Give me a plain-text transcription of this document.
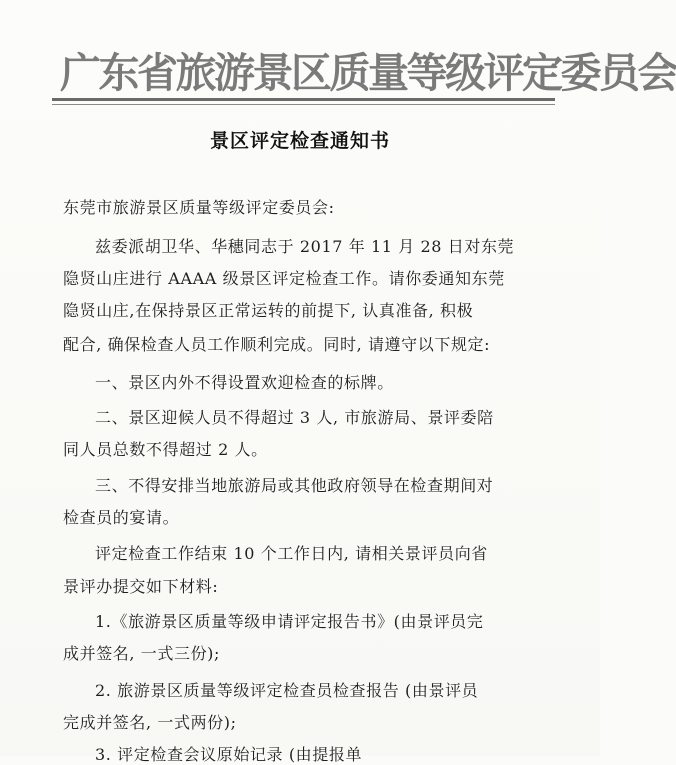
广东省旅游景区质量等级评定委员会
景区评定检查通知书
东莞市旅游景区质量等级评定委员会:
兹委派胡卫华、华穗同志于 2017 年 11 月 28 日对东莞
隐贤山庄进行 AAAA 级景区评定检查工作。请你委通知东莞
隐贤山庄,在保持景区正常运转的前提下, 认真准备, 积极
配合, 确保检查人员工作顺利完成。同时, 请遵守以下规定:
一、景区内外不得设置欢迎检查的标牌。
二、景区迎候人员不得超过 3 人, 市旅游局、景评委陪
同人员总数不得超过 2 人。
三、不得安排当地旅游局或其他政府领导在检查期间对
检查员的宴请。
评定检查工作结束 10 个工作日内, 请相关景评员向省
景评办提交如下材料:
1.《旅游景区质量等级申请评定报告书》(由景评员完
成并签名, 一式三份);
2. 旅游景区质量等级评定检查员检查报告 (由景评员
完成并签名, 一式两份);
3. 评定检查会议原始记录 (由提报单
